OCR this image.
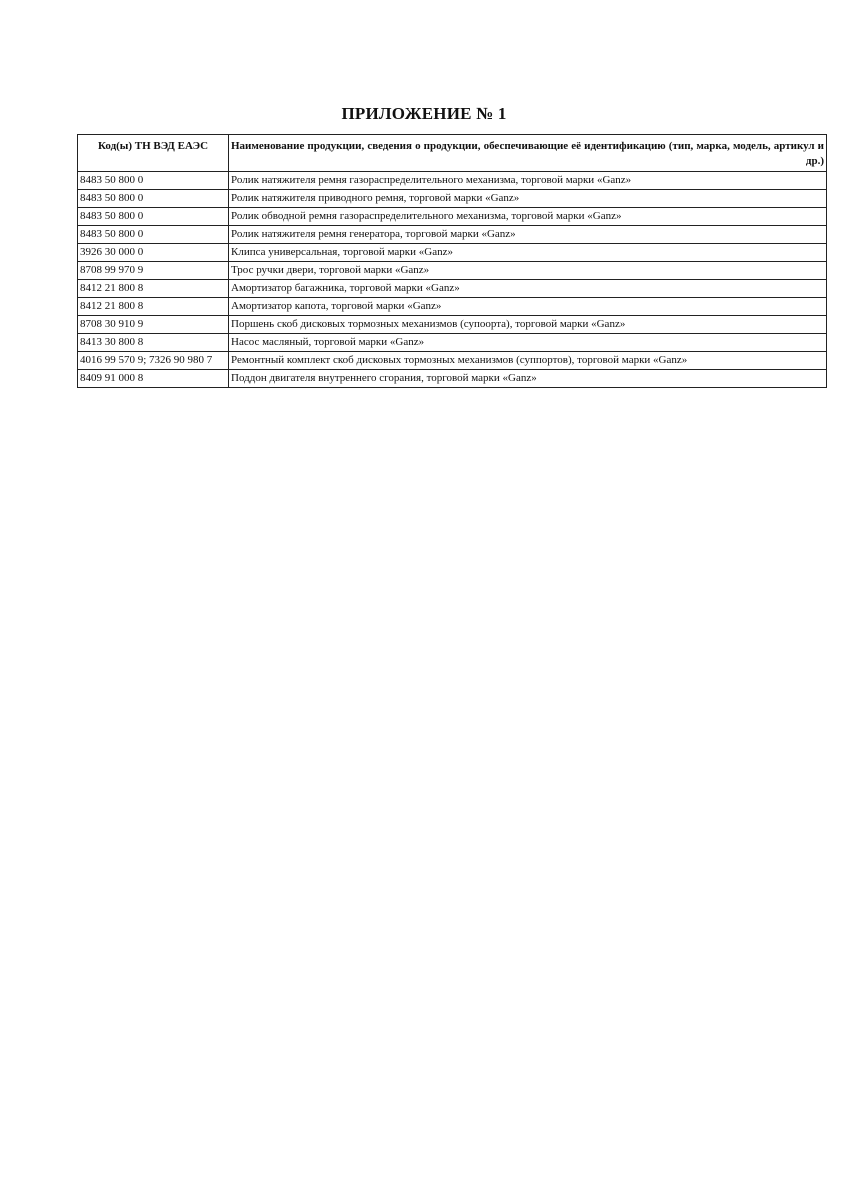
ПРИЛОЖЕНИЕ № 1
Код(ы) ТН ВЭД ЕАЭС	Наименование продукции, сведения о продукции, обеспечивающие её идентификацию (тип, марка, модель, артикул и др.)
8483 50 800 0	Ролик натяжителя ремня газораспределительного механизма, торговой марки «Ganz»
8483 50 800 0	Ролик натяжителя приводного ремня, торговой марки «Ganz»
8483 50 800 0	Ролик обводной ремня газораспределительного механизма, торговой марки «Ganz»
8483 50 800 0	Ролик натяжителя ремня генератора, торговой марки «Ganz»
3926 30 000 0	Клипса универсальная, торговой марки «Ganz»
8708 99 970 9	Трос ручки двери, торговой марки «Ganz»
8412 21 800 8	Амортизатор багажника, торговой марки «Ganz»
8412 21 800 8	Амортизатор капота, торговой марки «Ganz»
8708 30 910 9	Поршень скоб дисковых тормозных механизмов (супоорта), торговой марки «Ganz»
8413 30 800 8	Насос масляный, торговой марки «Ganz»
4016 99 570 9; 7326 90 980 7	Ремонтный комплект скоб дисковых тормозных механизмов (суппортов), торговой марки «Ganz»
8409 91 000 8	Поддон двигателя внутреннего сгорания, торговой марки «Ganz»
